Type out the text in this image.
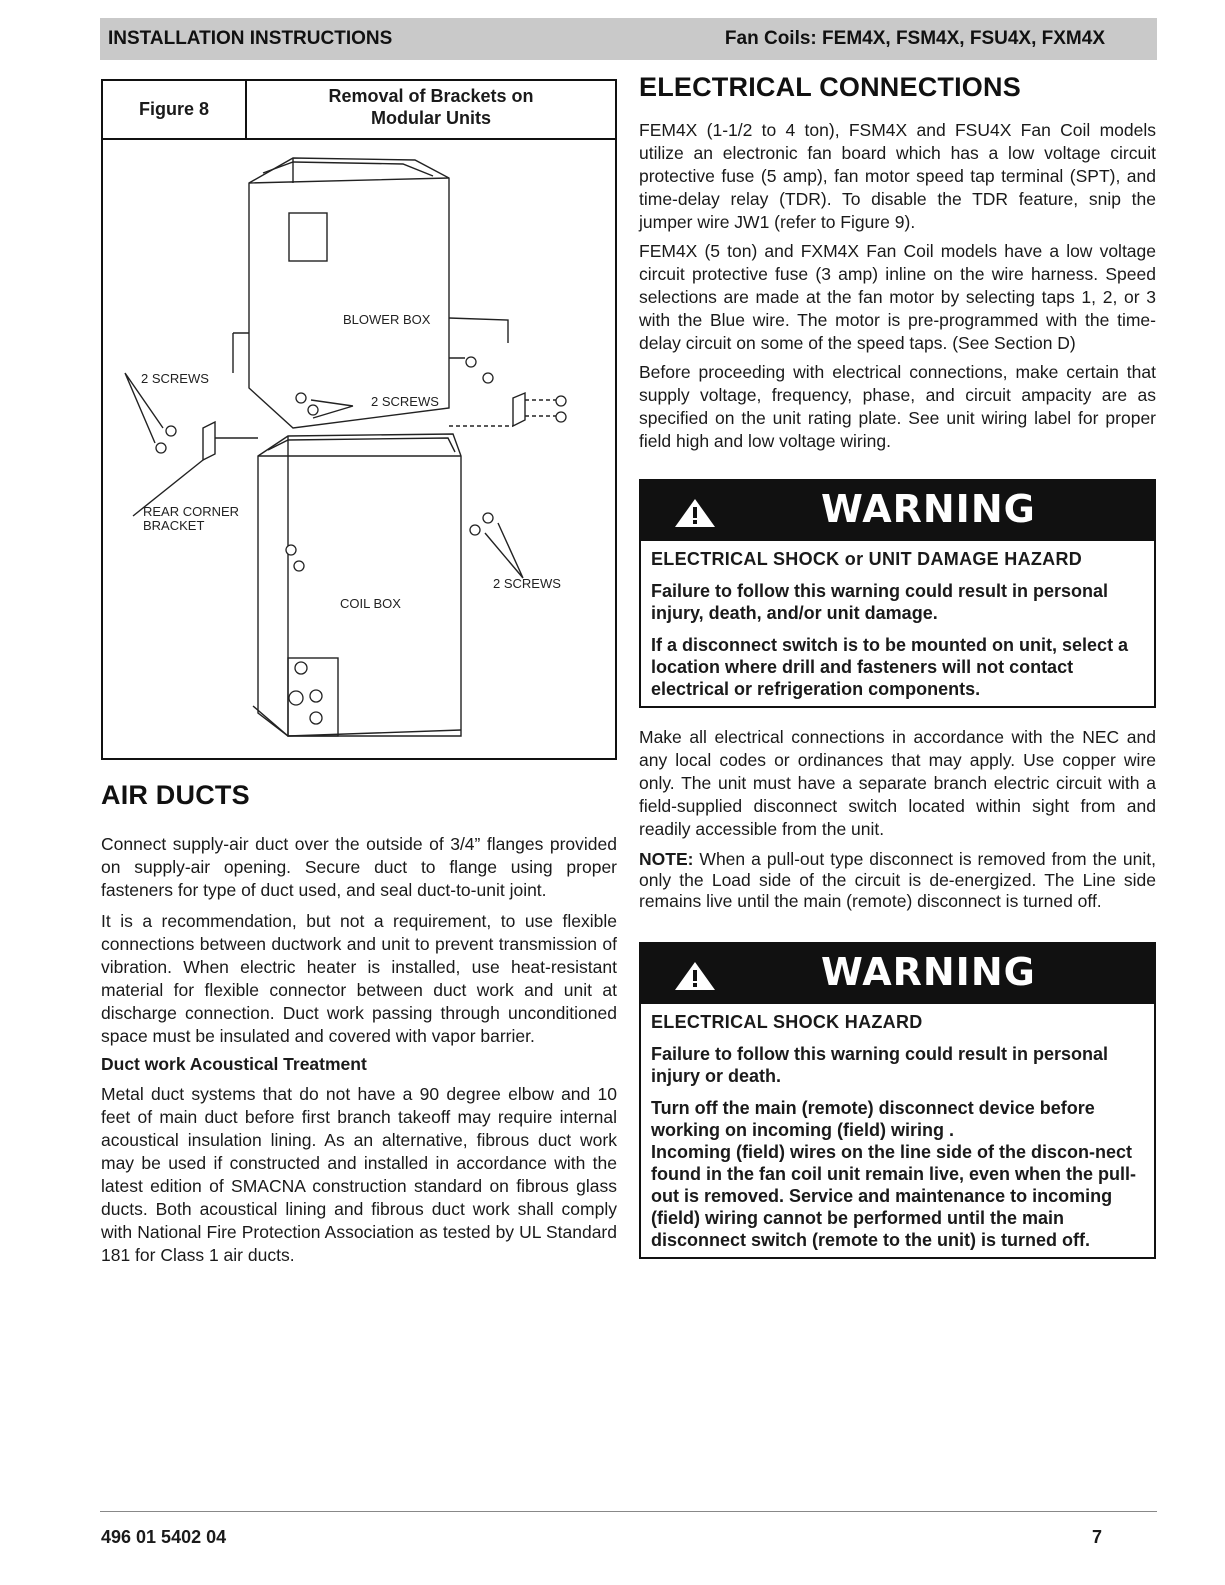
INSTALLATION INSTRUCTIONS	Fan Coils: FEM4X, FSM4X, FSU4X, FXM4X
Figure 8
Removal of Brackets on
Modular Units
BLOWER BOX
COIL BOX
2 SCREWS
2 SCREWS
2 SCREWS
REAR CORNER
BRACKET
AIR DUCTS

Connect supply-air duct over the outside of 3/4” flanges provided on supply-air opening. Secure duct to flange using proper fasteners for type of duct used, and seal duct-to-unit joint.

It is a recommendation, but not a requirement, to use flexible connections between ductwork and unit to prevent transmission of vibration. When electric heater is installed, use heat-resistant material for flexible connector between duct work and unit at discharge connection. Duct work passing through unconditioned space must be insulated and covered with vapor barrier.

Duct work Acoustical Treatment

Metal duct systems that do not have a 90 degree elbow and 10 feet of main duct before first branch takeoff may require internal acoustical insulation lining. As an alternative, fibrous duct work may be used if constructed and installed in accordance with the latest edition of SMACNA construction standard on fibrous glass ducts. Both acoustical lining and fibrous duct work shall comply with National Fire Protection Association as tested by UL Standard 181 for Class 1 air ducts.

ELECTRICAL CONNECTIONS

FEM4X (1-1/2 to 4 ton), FSM4X and FSU4X Fan Coil models utilize an electronic fan board which has a low voltage circuit protective fuse (5 amp), fan motor speed tap terminal (SPT), and time-delay relay (TDR). To disable the TDR feature, snip the jumper wire JW1 (refer to Figure 9).

FEM4X (5 ton) and FXM4X Fan Coil models have a low voltage circuit protective fuse (3 amp) inline on the wire harness. Speed selections are made at the fan motor by selecting taps 1, 2, or 3 with the Blue wire. The motor is pre-programmed with the time-delay circuit on some of the speed taps. (See Section D)

Before proceeding with electrical connections, make certain that supply voltage, frequency, phase, and circuit ampacity are as specified on the unit rating plate. See unit wiring label for proper field high and low voltage wiring.

WARNING
ELECTRICAL SHOCK or UNIT DAMAGE HAZARD
Failure to follow this warning could result in personal injury, death, and/or unit damage.
If a disconnect switch is to be mounted on unit, select a location where drill and fasteners will not contact electrical or refrigeration components.

Make all electrical connections in accordance with the NEC and any local codes or ordinances that may apply. Use copper wire only. The unit must have a separate branch electric circuit with a field-supplied disconnect switch located within sight from and readily accessible from the unit.

NOTE: When a pull-out type disconnect is removed from the unit, only the Load side of the circuit is de-energized. The Line side remains live until the main (remote) disconnect is turned off.

WARNING
ELECTRICAL SHOCK HAZARD
Failure to follow this warning could result in personal injury or death.
Turn off the main (remote) disconnect device before working on incoming (field) wiring .
Incoming (field) wires on the line side of the discon-nect found in the fan coil unit remain live, even when the pull-out is removed. Service and maintenance to incoming (field) wiring cannot be performed until the main disconnect switch (remote to the unit) is turned off.
496 01 5402 04	7
